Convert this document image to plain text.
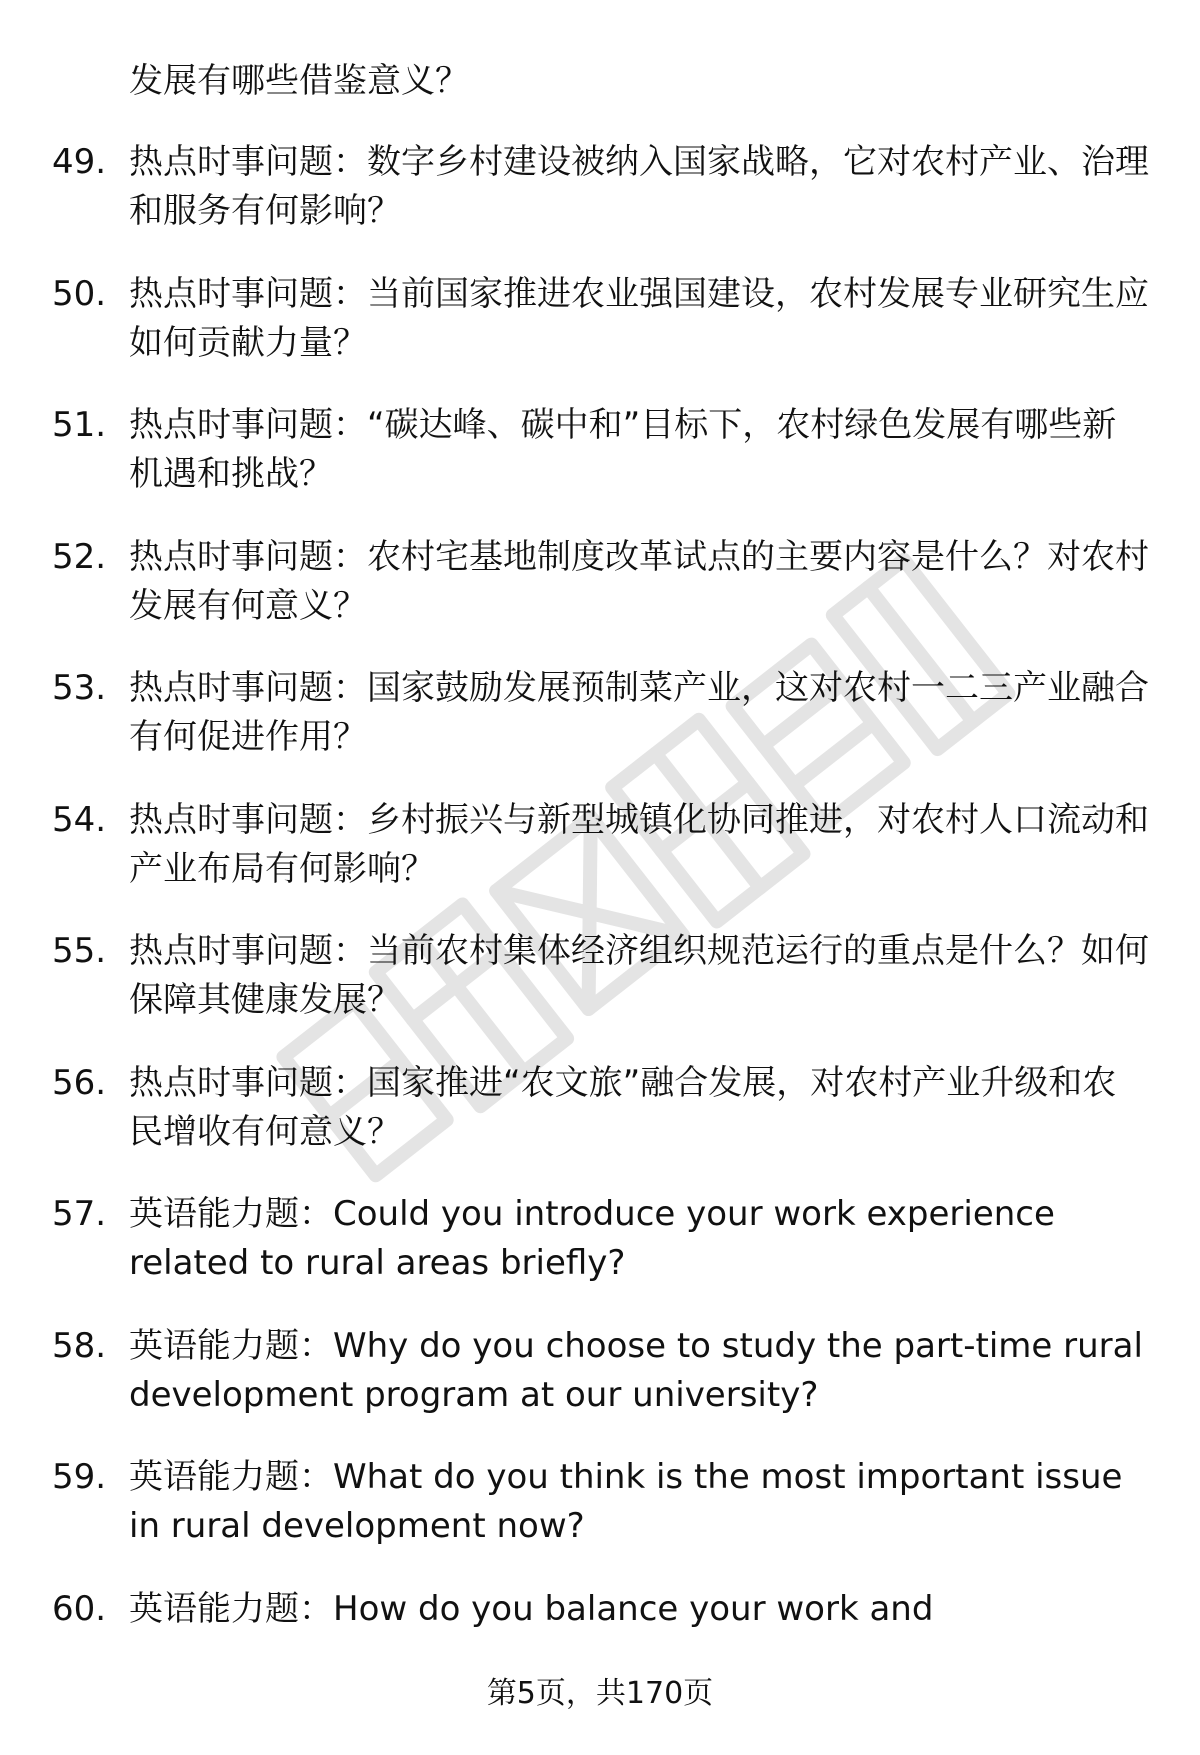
发展有哪些借鉴意义？
49. 热点时事问题：数字乡村建设被纳入国家战略，它对农村产业、治理和服务有何影响？
50. 热点时事问题：当前国家推进农业强国建设，农村发展专业研究生应如何贡献力量？
51. 热点时事问题：“碳达峰、碳中和”目标下，农村绿色发展有哪些新机遇和挑战？
52. 热点时事问题：农村宅基地制度改革试点的主要内容是什么？对农村发展有何意义？
53. 热点时事问题：国家鼓励发展预制菜产业，这对农村一二三产业融合有何促进作用？
54. 热点时事问题：乡村振兴与新型城镇化协同推进，对农村人口流动和产业布局有何影响？
55. 热点时事问题：当前农村集体经济组织规范运行的重点是什么？如何保障其健康发展？
56. 热点时事问题：国家推进“农文旅”融合发展，对农村产业升级和农民增收有何意义？
57. 英语能力题：Could you introduce your work experience related to rural areas briefly?
58. 英语能力题：Why do you choose to study the part-time rural development program at our university?
59. 英语能力题：What do you think is the most important issue in rural development now?
60. 英语能力题：How do you balance your work and
第5页，共170页
